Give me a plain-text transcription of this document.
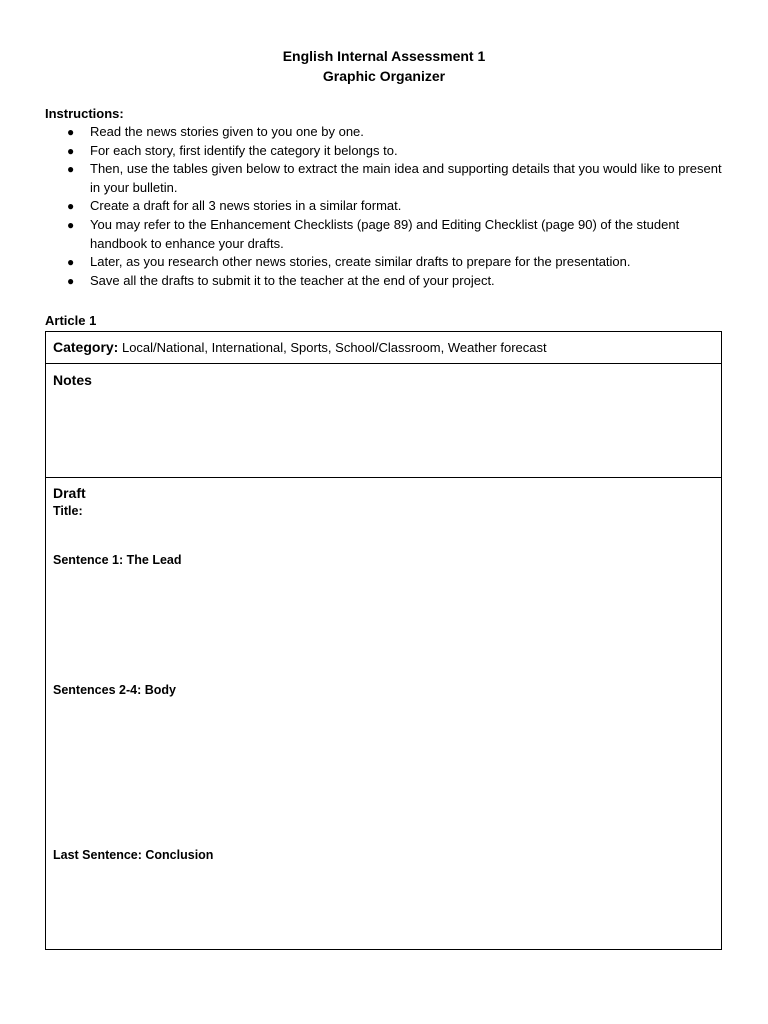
English Internal Assessment 1
Graphic Organizer
Instructions:
● Read the news stories given to you one by one.
● For each story, first identify the category it belongs to.
● Then, use the tables given below to extract the main idea and supporting details that you would like to present in your bulletin.
● Create a draft for all 3 news stories in a similar format.
● You may refer to the Enhancement Checklists (page 89) and Editing Checklist (page 90) of the student handbook to enhance your drafts.
● Later, as you research other news stories, create similar drafts to prepare for the presentation.
● Save all the drafts to submit it to the teacher at the end of your project.
Article 1
Category: Local/National, International, Sports, School/Classroom, Weather forecast
Notes
Draft
Title:
Sentence 1: The Lead
Sentences 2-4: Body
Last Sentence: Conclusion
